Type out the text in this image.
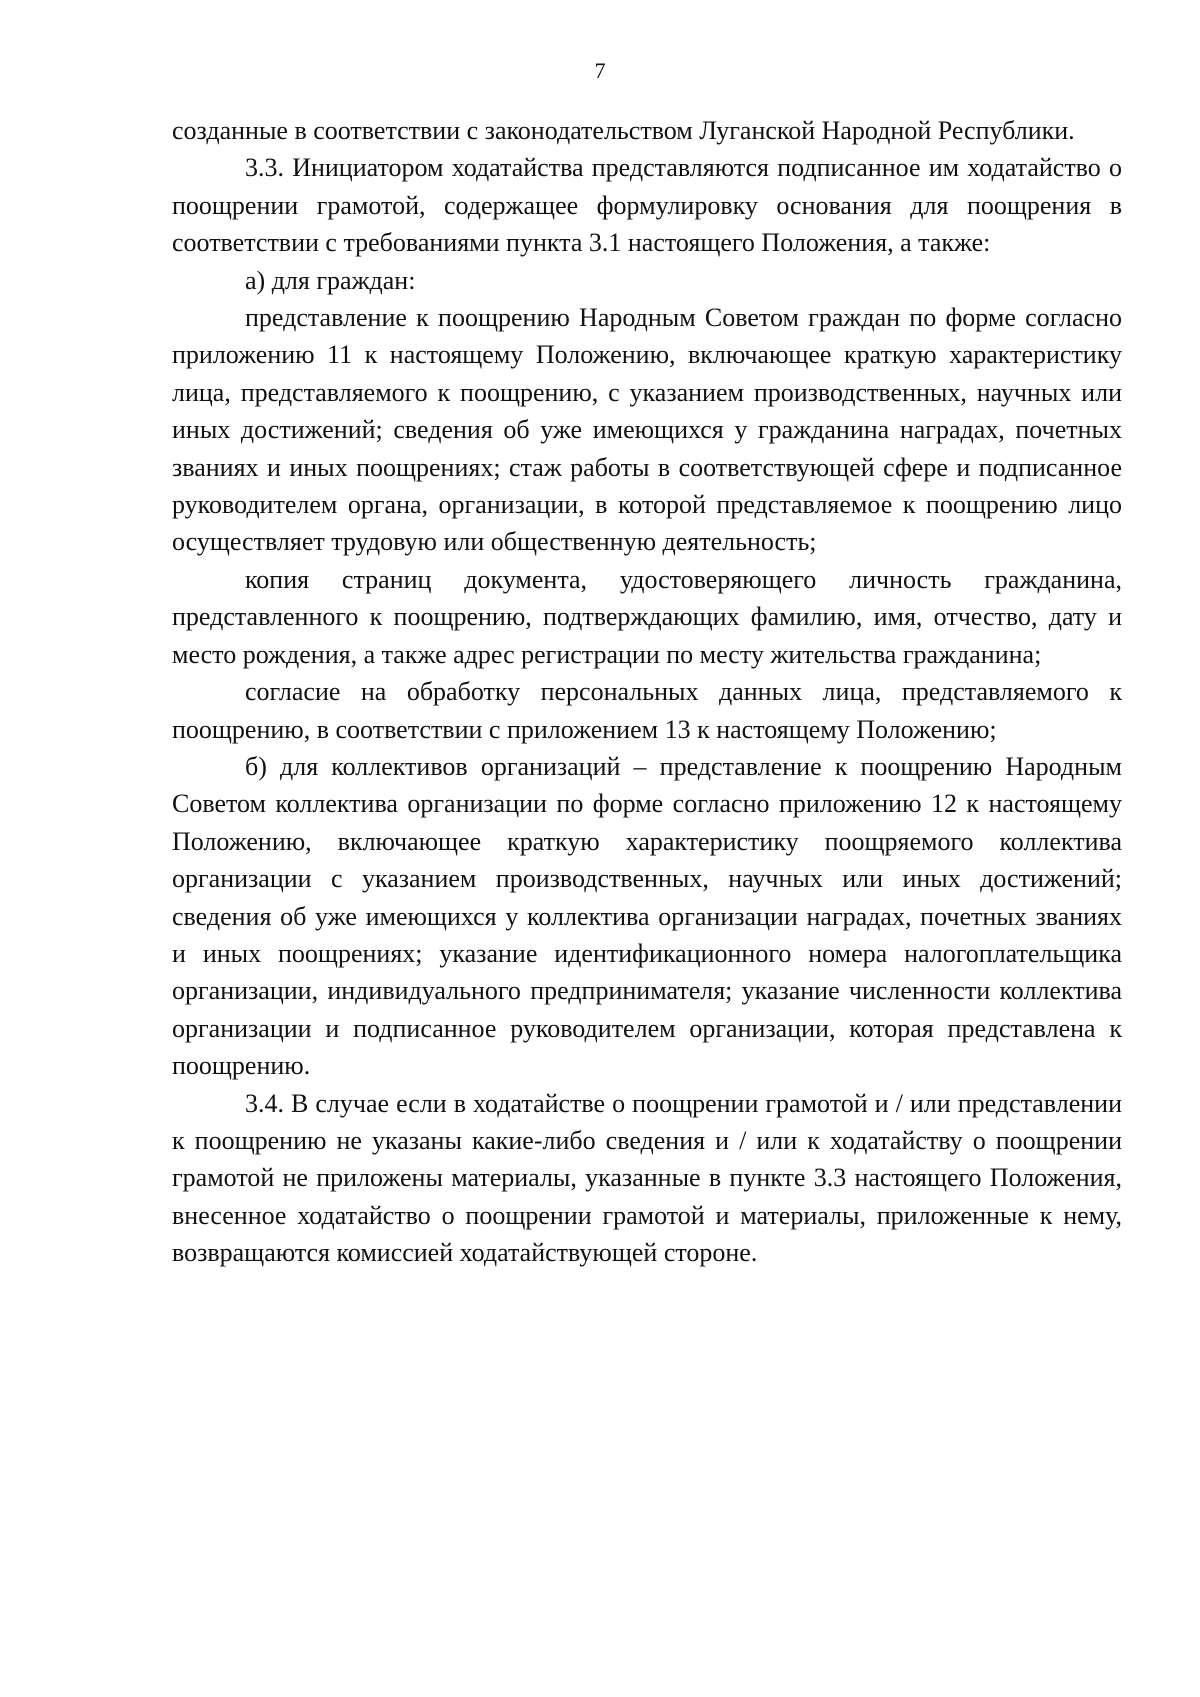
7

созданные в соответствии с законодательством Луганской Народной Республики.

3.3. Инициатором ходатайства представляются подписанное им ходатайство о поощрении грамотой, содержащее формулировку основания для поощрения в соответствии с требованиями пункта 3.1 настоящего Положения, а также:

а) для граждан:

представление к поощрению Народным Советом граждан по форме согласно приложению 11 к настоящему Положению, включающее краткую характеристику лица, представляемого к поощрению, с указанием производственных, научных или иных достижений; сведения об уже имеющихся у гражданина наградах, почетных званиях и иных поощрениях; стаж работы в соответствующей сфере и подписанное руководителем органа, организации, в которой представляемое к поощрению лицо осуществляет трудовую или общественную деятельность;

копия страниц документа, удостоверяющего личность гражданина, представленного к поощрению, подтверждающих фамилию, имя, отчество, дату и место рождения, а также адрес регистрации по месту жительства гражданина;

согласие на обработку персональных данных лица, представляемого к поощрению, в соответствии с приложением 13 к настоящему Положению;

б) для коллективов организаций – представление к поощрению Народным Советом коллектива организации по форме согласно приложению 12 к настоящему Положению, включающее краткую характеристику поощряемого коллектива организации с указанием производственных, научных или иных достижений; сведения об уже имеющихся у коллектива организации наградах, почетных званиях и иных поощрениях; указание идентификационного номера налогоплательщика организации, индивидуального предпринимателя; указание численности коллектива организации и подписанное руководителем организации, которая представлена к поощрению.

3.4. В случае если в ходатайстве о поощрении грамотой и / или представлении к поощрению не указаны какие-либо сведения и / или к ходатайству о поощрении грамотой не приложены материалы, указанные в пункте 3.3 настоящего Положения, внесенное ходатайство о поощрении грамотой и материалы, приложенные к нему, возвращаются комиссией ходатайствующей стороне.
